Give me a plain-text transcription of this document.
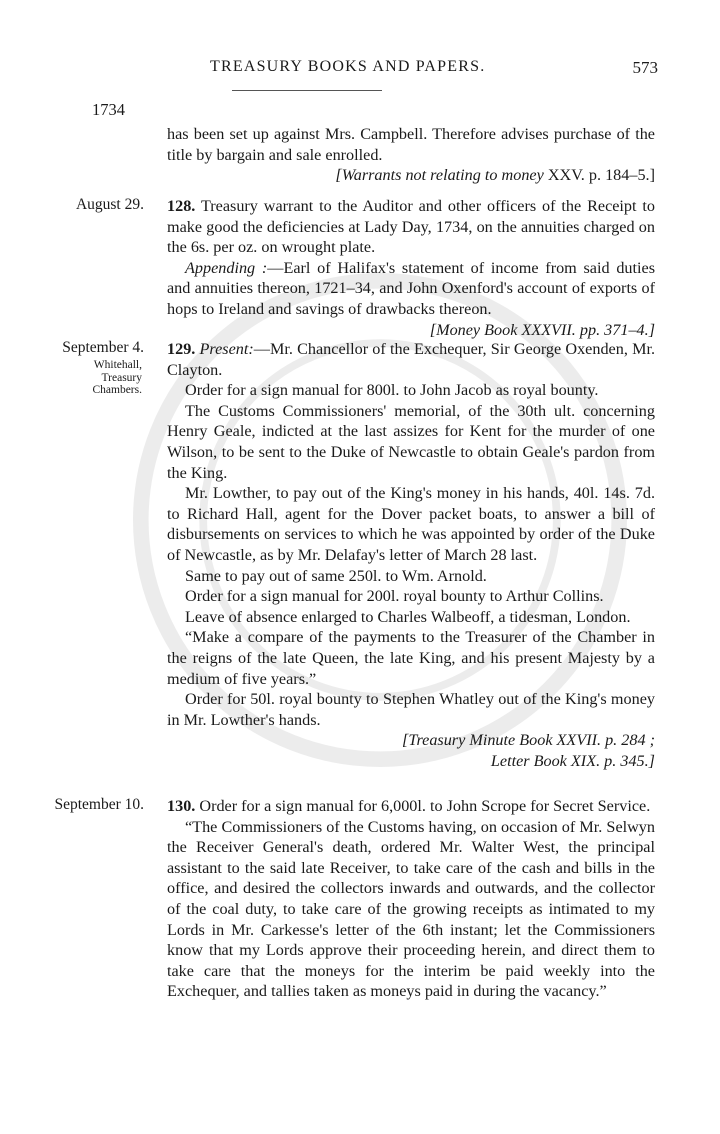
TREASURY BOOKS AND PAPERS.	573
1734

has been set up against Mrs. Campbell. Therefore advises purchase of the title by bargain and sale enrolled.

[Warrants not relating to money XXV. p. 184–5.]

August 29. 128. Treasury warrant to the Auditor and other officers of the Receipt to make good the deficiencies at Lady Day, 1734, on the annuities charged on the 6s. per oz. on wrought plate.

Appending :—Earl of Halifax's statement of income from said duties and annuities thereon, 1721–34, and John Oxenford's account of exports of hops to Ireland and savings of drawbacks thereon.

[Money Book XXXVII. pp. 371–4.]

September 4.
Whitehall, Treasury Chambers.

129. Present:—Mr. Chancellor of the Exchequer, Sir George Oxenden, Mr. Clayton.

Order for a sign manual for 800l. to John Jacob as royal bounty.

The Customs Commissioners' memorial, of the 30th ult. concerning Henry Geale, indicted at the last assizes for Kent for the murder of one Wilson, to be sent to the Duke of Newcastle to obtain Geale's pardon from the King.

Mr. Lowther, to pay out of the King's money in his hands, 40l. 14s. 7d. to Richard Hall, agent for the Dover packet boats, to answer a bill of disbursements on services to which he was appointed by order of the Duke of Newcastle, as by Mr. Delafay's letter of March 28 last.

Same to pay out of same 250l. to Wm. Arnold.

Order for a sign manual for 200l. royal bounty to Arthur Collins.

Leave of absence enlarged to Charles Walbeoff, a tidesman, London.

“Make a compare of the payments to the Treasurer of the Chamber in the reigns of the late Queen, the late King, and his present Majesty by a medium of five years.”

Order for 50l. royal bounty to Stephen Whatley out of the King's money in Mr. Lowther's hands.

[Treasury Minute Book XXVII. p. 284 ;

Letter Book XIX. p. 345.]

September 10. 130. Order for a sign manual for 6,000l. to John Scrope for Secret Service.

“The Commissioners of the Customs having, on occasion of Mr. Selwyn the Receiver General's death, ordered Mr. Walter West, the principal assistant to the said late Receiver, to take care of the cash and bills in the office, and desired the collectors inwards and outwards, and the collector of the coal duty, to take care of the growing receipts as intimated to my Lords in Mr. Carkesse's letter of the 6th instant; let the Commissioners know that my Lords approve their proceeding herein, and direct them to take care that the moneys for the interim be paid weekly into the Exchequer, and tallies taken as moneys paid in during the vacancy.”
